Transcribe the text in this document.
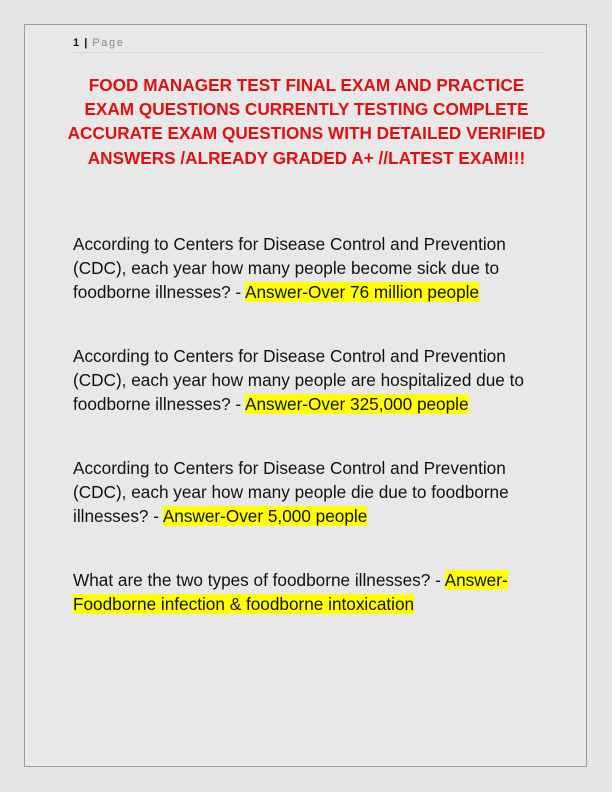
1 | Page

FOOD MANAGER TEST FINAL EXAM AND PRACTICE EXAM QUESTIONS CURRENTLY TESTING COMPLETE ACCURATE EXAM QUESTIONS WITH DETAILED VERIFIED ANSWERS /ALREADY GRADED A+ //LATEST EXAM!!!

According to Centers for Disease Control and Prevention (CDC), each year how many people become sick due to foodborne illnesses? - Answer-Over 76 million people

According to Centers for Disease Control and Prevention (CDC), each year how many people are hospitalized due to foodborne illnesses? - Answer-Over 325,000 people

According to Centers for Disease Control and Prevention (CDC), each year how many people die due to foodborne illnesses? - Answer-Over 5,000 people

What are the two types of foodborne illnesses? - Answer-Foodborne infection & foodborne intoxication
